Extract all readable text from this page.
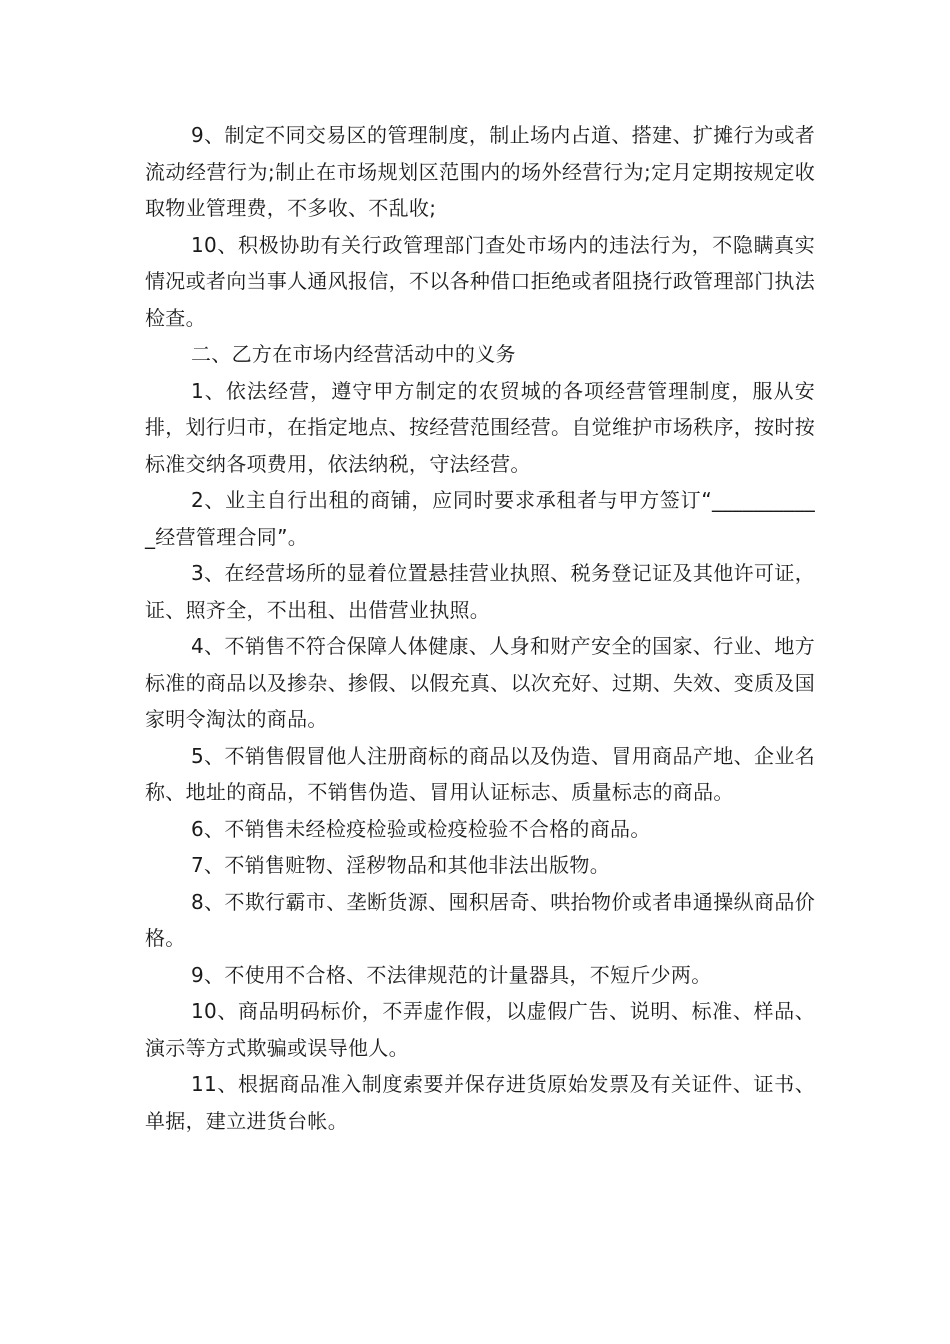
9、制定不同交易区的管理制度，制止场内占道、搭建、扩摊行为或者流动经营行为;制止在市场规划区范围内的场外经营行为;定月定期按规定收取物业管理费，不多收、不乱收;

10、积极协助有关行政管理部门查处市场内的违法行为，不隐瞒真实情况或者向当事人通风报信，不以各种借口拒绝或者阻挠行政管理部门执法检查。

二、乙方在市场内经营活动中的义务

1、依法经营，遵守甲方制定的农贸城的各项经营管理制度，服从安排，划行归市，在指定地点、按经营范围经营。自觉维护市场秩序，按时按标准交纳各项费用，依法纳税，守法经营。

2、业主自行出租的商铺，应同时要求承租者与甲方签订“___________经营管理合同”。

3、在经营场所的显着位置悬挂营业执照、税务登记证及其他许可证，证、照齐全，不出租、出借营业执照。

4、不销售不符合保障人体健康、人身和财产安全的国家、行业、地方标准的商品以及掺杂、掺假、以假充真、以次充好、过期、失效、变质及国家明令淘汰的商品。

5、不销售假冒他人注册商标的商品以及伪造、冒用商品产地、企业名称、地址的商品，不销售伪造、冒用认证标志、质量标志的商品。

6、不销售未经检疫检验或检疫检验不合格的商品。

7、不销售赃物、淫秽物品和其他非法出版物。

8、不欺行霸市、垄断货源、囤积居奇、哄抬物价或者串通操纵商品价格。

9、不使用不合格、不法律规范的计量器具，不短斤少两。

10、商品明码标价，不弄虚作假，以虚假广告、说明、标准、样品、演示等方式欺骗或误导他人。

11、根据商品准入制度索要并保存进货原始发票及有关证件、证书、单据，建立进货台帐。
